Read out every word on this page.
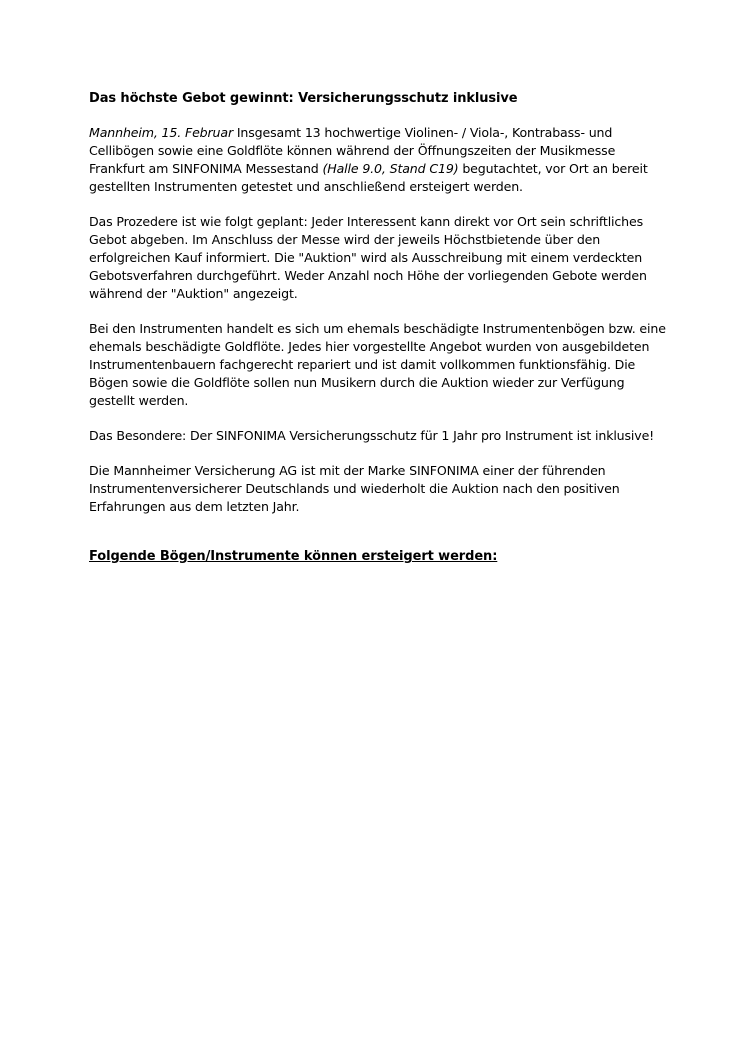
Das höchste Gebot gewinnt: Versicherungsschutz inklusive

Mannheim, 15. Februar Insgesamt 13 hochwertige Violinen- / Viola-, Kontrabass- und Cellibögen sowie eine Goldflöte können während der Öffnungszeiten der Musikmesse Frankfurt am SINFONIMA Messestand (Halle 9.0, Stand C19) begutachtet, vor Ort an bereit gestellten Instrumenten getestet und anschließend ersteigert werden.

Das Prozedere ist wie folgt geplant: Jeder Interessent kann direkt vor Ort sein schriftliches Gebot abgeben. Im Anschluss der Messe wird der jeweils Höchstbietende über den erfolgreichen Kauf informiert. Die "Auktion" wird als Ausschreibung mit einem verdeckten Gebotsverfahren durchgeführt. Weder Anzahl noch Höhe der vorliegenden Gebote werden während der "Auktion" angezeigt.

Bei den Instrumenten handelt es sich um ehemals beschädigte Instrumentenbögen bzw. eine ehemals beschädigte Goldflöte. Jedes hier vorgestellte Angebot wurden von ausgebildeten Instrumentenbauern fachgerecht repariert und ist damit vollkommen funktionsfähig. Die Bögen sowie die Goldflöte sollen nun Musikern durch die Auktion wieder zur Verfügung gestellt werden.

Das Besondere: Der SINFONIMA Versicherungsschutz für 1 Jahr pro Instrument ist inklusive!

Die Mannheimer Versicherung AG ist mit der Marke SINFONIMA einer der führenden Instrumentenversicherer Deutschlands und wiederholt die Auktion nach den positiven Erfahrungen aus dem letzten Jahr.

Folgende Bögen/Instrumente können ersteigert werden:
